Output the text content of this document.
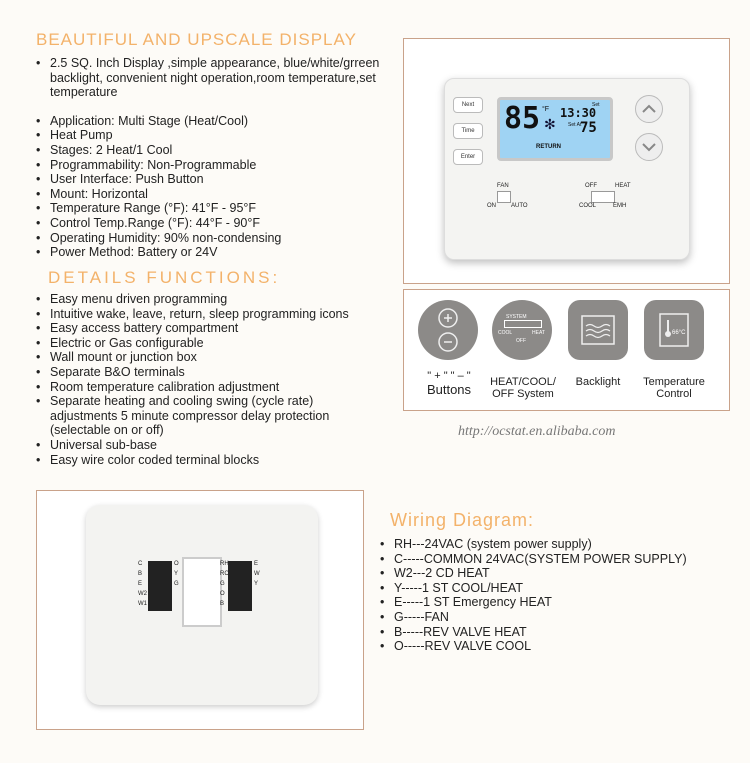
BEAUTIFUL AND UPSCALE DISPLAY
• 2.5 SQ. Inch Display ,simple appearance, blue/white/grreen backlight, convenient night operation,room temperature,set temperature
• Application: Multi Stage (Heat/Cool)
• Heat Pump
• Stages: 2 Heat/1 Cool
• Programmability: Non-Programmable
• User Interface: Push Button
• Mount: Horizontal
• Temperature Range (°F): 41°F - 95°F
• Control Temp.Range (°F): 44°F - 90°F
• Operating Humidity: 90% non-condensing
• Power Method: Battery or 24V
DETAILS FUNCTIONS:
• Easy menu driven programming
• Intuitive wake, leave, return, sleep programming icons
• Easy access battery compartment
• Electric or Gas configurable
• Wall mount or junction box
• Separate B&O terminals
• Room temperature calibration adjustment
• Separate heating and cooling swing (cycle rate) adjustments 5 minute compressor delay protection (selectable on or off)
• Universal sub-base
• Easy wire color coded terminal blocks
Next
Time
Enter
85 °F
✻
Set
13:30
Set At
75
RETURN
FAN
ON	AUTO
OFF	HEAT
COOL	EMH
" + " " – "
Buttons
SYSTEM
COOL	HEAT
OFF
HEAT/COOL/
OFF System
Backlight
66°C
Temperature
Control
http://ocstat.en.alibaba.com
C
B
E
W2
W1
O
Y
G
RH
RC
G
O
B
E
W
Y
Wiring Diagram:
• RH---24VAC (system power supply)
• C-----COMMON 24VAC(SYSTEM POWER SUPPLY)
• W2---2 CD HEAT
• Y-----1 ST COOL/HEAT
• E-----1 ST Emergency HEAT
• G-----FAN
• B-----REV VALVE HEAT
• O-----REV VALVE COOL
